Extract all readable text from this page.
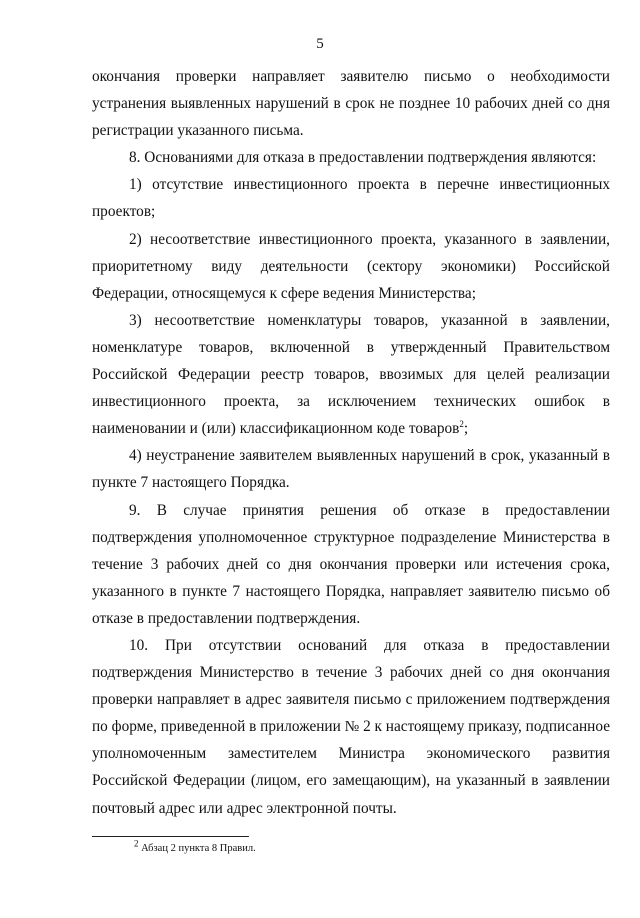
5

окончания проверки направляет заявителю письмо о необходимости устранения выявленных нарушений в срок не позднее 10 рабочих дней со дня регистрации указанного письма.

8. Основаниями для отказа в предоставлении подтверждения являются:

1) отсутствие инвестиционного проекта в перечне инвестиционных проектов;

2) несоответствие инвестиционного проекта, указанного в заявлении, приоритетному виду деятельности (сектору экономики) Российской Федерации, относящемуся к сфере ведения Министерства;

3) несоответствие номенклатуры товаров, указанной в заявлении, номенклатуре товаров, включенной в утвержденный Правительством Российской Федерации реестр товаров, ввозимых для целей реализации инвестиционного проекта, за исключением технических ошибок в наименовании и (или) классификационном коде товаров$^2$;

4) неустранение заявителем выявленных нарушений в срок, указанный в пункте 7 настоящего Порядка.

9. В случае принятия решения об отказе в предоставлении подтверждения уполномоченное структурное подразделение Министерства в течение 3 рабочих дней со дня окончания проверки или истечения срока, указанного в пункте 7 настоящего Порядка, направляет заявителю письмо об отказе в предоставлении подтверждения.

10. При отсутствии оснований для отказа в предоставлении подтверждения Министерство в течение 3 рабочих дней со дня окончания проверки направляет в адрес заявителя письмо с приложением подтверждения по форме, приведенной в приложении № 2 к настоящему приказу, подписанное уполномоченным заместителем Министра экономического развития Российской Федерации (лицом, его замещающим), на указанный в заявлении почтовый адрес или адрес электронной почты.

$^2$ Абзац 2 пункта 8 Правил.
